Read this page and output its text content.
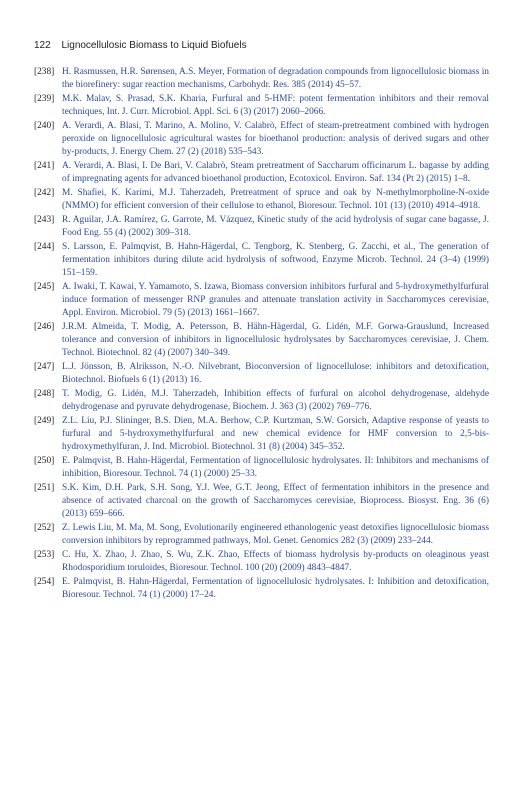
122 Lignocellulosic Biomass to Liquid Biofuels
[238] H. Rasmussen, H.R. Sørensen, A.S. Meyer, Formation of degradation compounds from lignocellulosic biomass in the biorefinery: sugar reaction mechanisms, Carbohydr. Res. 385 (2014) 45–57.
[239] M.K. Malav, S. Prasad, S.K. Kharia, Furfural and 5-HMF: potent fermentation inhibitors and their removal techniques, Int. J. Curr. Microbiol. Appl. Sci. 6 (3) (2017) 2060–2066.
[240] A. Verardi, A. Blasi, T. Marino, A. Molino, V. Calabrò, Effect of steam-pretreatment combined with hydrogen peroxide on lignocellulosic agricultural wastes for bioethanol production: analysis of derived sugars and other by-products, J. Energy Chem. 27 (2) (2018) 535–543.
[241] A. Verardi, A. Blasi, I. De Bari, V. Calabrò, Steam pretreatment of Saccharum officinarum L. bagasse by adding of impregnating agents for advanced bioethanol production, Ecotoxicol. Environ. Saf. 134 (Pt 2) (2015) 1–8.
[242] M. Shafiei, K. Karimi, M.J. Taherzadeh, Pretreatment of spruce and oak by N-methylmorpholine-N-oxide (NMMO) for efficient conversion of their cellulose to ethanol, Bioresour. Technol. 101 (13) (2010) 4914–4918.
[243] R. Aguilar, J.A. Ramírez, G. Garrote, M. Vázquez, Kinetic study of the acid hydrolysis of sugar cane bagasse, J. Food Eng. 55 (4) (2002) 309–318.
[244] S. Larsson, E. Palmqvist, B. Hahn-Hägerdal, C. Tengborg, K. Stenberg, G. Zacchi, et al., The generation of fermentation inhibitors during dilute acid hydrolysis of softwood, Enzyme Microb. Technol. 24 (3–4) (1999) 151–159.
[245] A. Iwaki, T. Kawai, Y. Yamamoto, S. Izawa, Biomass conversion inhibitors furfural and 5-hydroxymethylfurfural induce formation of messenger RNP granules and attenuate translation activity in Saccharomyces cerevisiae, Appl. Environ. Microbiol. 79 (5) (2013) 1661–1667.
[246] J.R.M. Almeida, T. Modig, A. Petersson, B. Hähn-Hägerdal, G. Lidén, M.F. Gorwa-Grauslund, Increased tolerance and conversion of inhibitors in lignocellulosic hydrolysates by Saccharomyces cerevisiae, J. Chem. Technol. Biotechnol. 82 (4) (2007) 340–349.
[247] L.J. Jönsson, B. Alriksson, N.-O. Nilvebrant, Bioconversion of lignocellulose: inhibitors and detoxification, Biotechnol. Biofuels 6 (1) (2013) 16.
[248] T. Modig, G. Lidén, M.J. Taherzadeh, Inhibition effects of furfural on alcohol dehydrogenase, aldehyde dehydrogenase and pyruvate dehydrogenase, Biochem. J. 363 (3) (2002) 769–776.
[249] Z.L. Liu, P.J. Slininger, B.S. Dien, M.A. Berhow, C.P. Kurtzman, S.W. Gorsich, Adaptive response of yeasts to furfural and 5-hydroxymethylfurfural and new chemical evidence for HMF conversion to 2,5-bis-hydroxymethylfuran, J. Ind. Microbiol. Biotechnol. 31 (8) (2004) 345–352.
[250] E. Palmqvist, B. Hahn-Hägerdal, Fermentation of lignocellulosic hydrolysates. II: Inhibitors and mechanisms of inhibition, Bioresour. Technol. 74 (1) (2000) 25–33.
[251] S.K. Kim, D.H. Park, S.H. Song, Y.J. Wee, G.T. Jeong, Effect of fermentation inhibitors in the presence and absence of activated charcoal on the growth of Saccharomyces cerevisiae, Bioprocess. Biosyst. Eng. 36 (6) (2013) 659–666.
[252] Z. Lewis Liu, M. Ma, M. Song, Evolutionarily engineered ethanologenic yeast detoxifies lignocellulosic biomass conversion inhibitors by reprogrammed pathways, Mol. Genet. Genomics 282 (3) (2009) 233–244.
[253] C. Hu, X. Zhao, J. Zhao, S. Wu, Z.K. Zhao, Effects of biomass hydrolysis by-products on oleaginous yeast Rhodosporidium toruloides, Bioresour. Technol. 100 (20) (2009) 4843–4847.
[254] E. Palmqvist, B. Hahn-Hägerdal, Fermentation of lignocellulosic hydrolysates. I: Inhibition and detoxification, Bioresour. Technol. 74 (1) (2000) 17–24.
